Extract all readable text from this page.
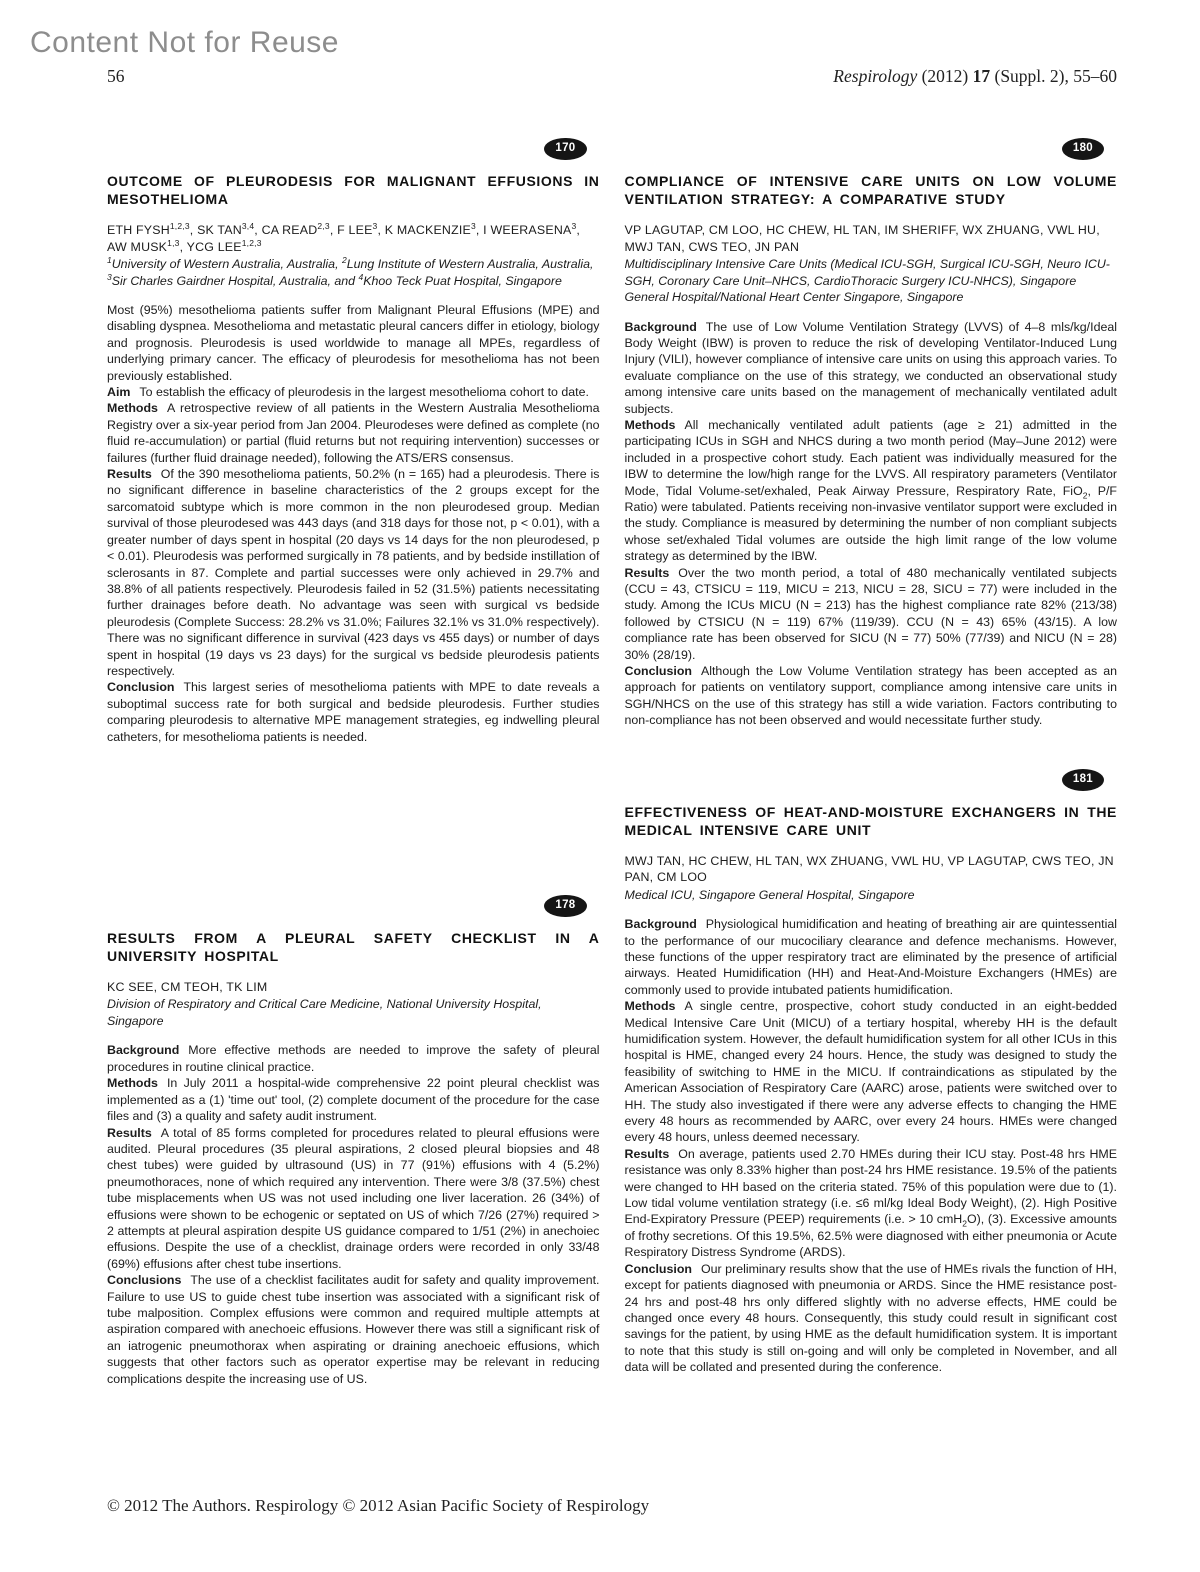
Content Not for Reuse
56	Respirology (2012) 17 (Suppl. 2), 55–60
170
OUTCOME OF PLEURODESIS FOR MALIGNANT EFFUSIONS IN MESOTHELIOMA
ETH FYSH$^{1,2,3}$, SK TAN$^{3,4}$, CA READ$^{2,3}$, F LEE$^3$, K MACKENZIE$^3$, I WEERASENA$^3$, AW MUSK$^{1,3}$, YCG LEE$^{1,2,3}$
$^1$University of Western Australia, Australia, $^2$Lung Institute of Western Australia, Australia, $^3$Sir Charles Gairdner Hospital, Australia, and $^4$Khoo Teck Puat Hospital, Singapore
Most (95%) mesothelioma patients suffer from Malignant Pleural Effusions (MPE) and disabling dyspnea. Mesothelioma and metastatic pleural cancers differ in etiology, biology and prognosis. Pleurodesis is used worldwide to manage all MPEs, regardless of underlying primary cancer. The efficacy of pleurodesis for mesothelioma has not been previously established.
Aim To establish the efficacy of pleurodesis in the largest mesothelioma cohort to date.
Methods A retrospective review of all patients in the Western Australia Mesothelioma Registry over a six-year period from Jan 2004. Pleurodeses were defined as complete (no fluid re-accumulation) or partial (fluid returns but not requiring intervention) successes or failures (further fluid drainage needed), following the ATS/ERS consensus.
Results Of the 390 mesothelioma patients, 50.2% (n = 165) had a pleurodesis. There is no significant difference in baseline characteristics of the 2 groups except for the sarcomatoid subtype which is more common in the non pleurodesed group. Median survival of those pleurodesed was 443 days (and 318 days for those not, p < 0.01), with a greater number of days spent in hospital (20 days vs 14 days for the non pleurodesed, p < 0.01). Pleurodesis was performed surgically in 78 patients, and by bedside instillation of sclerosants in 87. Complete and partial successes were only achieved in 29.7% and 38.8% of all patients respectively. Pleurodesis failed in 52 (31.5%) patients necessitating further drainages before death. No advantage was seen with surgical vs bedside pleurodesis (Complete Success: 28.2% vs 31.0%; Failures 32.1% vs 31.0% respectively). There was no significant difference in survival (423 days vs 455 days) or number of days spent in hospital (19 days vs 23 days) for the surgical vs bedside pleurodesis patients respectively.
Conclusion This largest series of mesothelioma patients with MPE to date reveals a suboptimal success rate for both surgical and bedside pleurodesis. Further studies comparing pleurodesis to alternative MPE management strategies, eg indwelling pleural catheters, for mesothelioma patients is needed.
178
RESULTS FROM A PLEURAL SAFETY CHECKLIST IN A UNIVERSITY HOSPITAL
KC SEE, CM TEOH, TK LIM
Division of Respiratory and Critical Care Medicine, National University Hospital, Singapore
Background More effective methods are needed to improve the safety of pleural procedures in routine clinical practice.
Methods In July 2011 a hospital-wide comprehensive 22 point pleural checklist was implemented as a (1) 'time out' tool, (2) complete document of the procedure for the case files and (3) a quality and safety audit instrument.
Results A total of 85 forms completed for procedures related to pleural effusions were audited. Pleural procedures (35 pleural aspirations, 2 closed pleural biopsies and 48 chest tubes) were guided by ultrasound (US) in 77 (91%) effusions with 4 (5.2%) pneumothoraces, none of which required any intervention. There were 3/8 (37.5%) chest tube misplacements when US was not used including one liver laceration. 26 (34%) of effusions were shown to be echogenic or septated on US of which 7/26 (27%) required > 2 attempts at pleural aspiration despite US guidance compared to 1/51 (2%) in anechoiec effusions. Despite the use of a checklist, drainage orders were recorded in only 33/48 (69%) effusions after chest tube insertions.
Conclusions The use of a checklist facilitates audit for safety and quality improvement. Failure to use US to guide chest tube insertion was associated with a significant risk of tube malposition. Complex effusions were common and required multiple attempts at aspiration compared with anechoeic effusions. However there was still a significant risk of an iatrogenic pneumothorax when aspirating or draining anechoeic effusions, which suggests that other factors such as operator expertise may be relevant in reducing complications despite the increasing use of US.
180
COMPLIANCE OF INTENSIVE CARE UNITS ON LOW VOLUME VENTILATION STRATEGY: A COMPARATIVE STUDY
VP LAGUTAP, CM LOO, HC CHEW, HL TAN, IM SHERIFF, WX ZHUANG, VWL HU, MWJ TAN, CWS TEO, JN PAN
Multidisciplinary Intensive Care Units (Medical ICU-SGH, Surgical ICU-SGH, Neuro ICU-SGH, Coronary Care Unit–NHCS, CardioThoracic Surgery ICU-NHCS), Singapore General Hospital/National Heart Center Singapore, Singapore
Background The use of Low Volume Ventilation Strategy (LVVS) of 4–8 mls/kg/Ideal Body Weight (IBW) is proven to reduce the risk of developing Ventilator-Induced Lung Injury (VILI), however compliance of intensive care units on using this approach varies. To evaluate compliance on the use of this strategy, we conducted an observational study among intensive care units based on the management of mechanically ventilated adult subjects.
Methods All mechanically ventilated adult patients (age ≥ 21) admitted in the participating ICUs in SGH and NHCS during a two month period (May–June 2012) were included in a prospective cohort study. Each patient was individually measured for the IBW to determine the low/high range for the LVVS. All respiratory parameters (Ventilator Mode, Tidal Volume-set/exhaled, Peak Airway Pressure, Respiratory Rate, FiO$_2$, P/F Ratio) were tabulated. Patients receiving non-invasive ventilator support were excluded in the study. Compliance is measured by determining the number of non compliant subjects whose set/exhaled Tidal volumes are outside the high limit range of the low volume strategy as determined by the IBW.
Results Over the two month period, a total of 480 mechanically ventilated subjects (CCU = 43, CTSICU = 119, MICU = 213, NICU = 28, SICU = 77) were included in the study. Among the ICUs MICU (N = 213) has the highest compliance rate 82% (213/38) followed by CTSICU (N = 119) 67% (119/39). CCU (N = 43) 65% (43/15). A low compliance rate has been observed for SICU (N = 77) 50% (77/39) and NICU (N = 28) 30% (28/19).
Conclusion Although the Low Volume Ventilation strategy has been accepted as an approach for patients on ventilatory support, compliance among intensive care units in SGH/NHCS on the use of this strategy has still a wide variation. Factors contributing to non-compliance has not been observed and would necessitate further study.
181
EFFECTIVENESS OF HEAT-AND-MOISTURE EXCHANGERS IN THE MEDICAL INTENSIVE CARE UNIT
MWJ TAN, HC CHEW, HL TAN, WX ZHUANG, VWL HU, VP LAGUTAP, CWS TEO, JN PAN, CM LOO
Medical ICU, Singapore General Hospital, Singapore
Background Physiological humidification and heating of breathing air are quintessential to the performance of our mucociliary clearance and defence mechanisms. However, these functions of the upper respiratory tract are eliminated by the presence of artificial airways. Heated Humidification (HH) and Heat-And-Moisture Exchangers (HMEs) are commonly used to provide intubated patients humidification.
Methods A single centre, prospective, cohort study conducted in an eight-bedded Medical Intensive Care Unit (MICU) of a tertiary hospital, whereby HH is the default humidification system. However, the default humidification system for all other ICUs in this hospital is HME, changed every 24 hours. Hence, the study was designed to study the feasibility of switching to HME in the MICU. If contraindications as stipulated by the American Association of Respiratory Care (AARC) arose, patients were switched over to HH. The study also investigated if there were any adverse effects to changing the HME every 48 hours as recommended by AARC, over every 24 hours. HMEs were changed every 48 hours, unless deemed necessary.
Results On average, patients used 2.70 HMEs during their ICU stay. Post-48 hrs HME resistance was only 8.33% higher than post-24 hrs HME resistance. 19.5% of the patients were changed to HH based on the criteria stated. 75% of this population were due to (1). Low tidal volume ventilation strategy (i.e. ≤6 ml/kg Ideal Body Weight), (2). High Positive End-Expiratory Pressure (PEEP) requirements (i.e. > 10 cmH$_2$O), (3). Excessive amounts of frothy secretions. Of this 19.5%, 62.5% were diagnosed with either pneumonia or Acute Respiratory Distress Syndrome (ARDS).
Conclusion Our preliminary results show that the use of HMEs rivals the function of HH, except for patients diagnosed with pneumonia or ARDS. Since the HME resistance post-24 hrs and post-48 hrs only differed slightly with no adverse effects, HME could be changed once every 48 hours. Consequently, this study could result in significant cost savings for the patient, by using HME as the default humidification system. It is important to note that this study is still on-going and will only be completed in November, and all data will be collated and presented during the conference.
© 2012 The Authors. Respirology © 2012 Asian Pacific Society of Respirology
